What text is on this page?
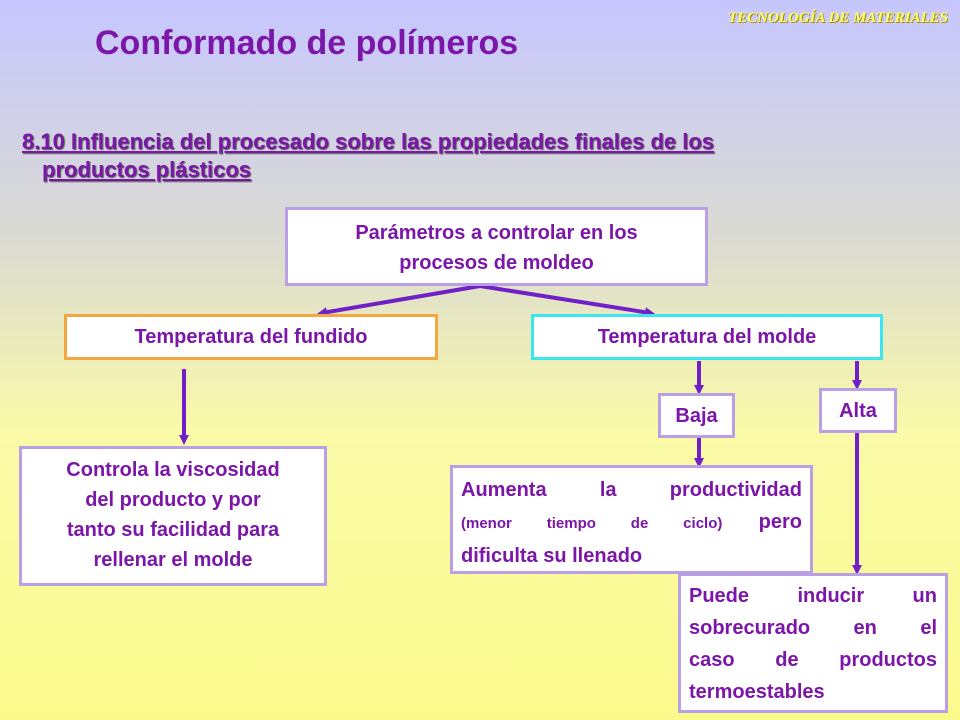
TECNOLOGÍA DE MATERIALES
Conformado de polímeros
8.10 Influencia del procesado sobre las propiedades finales de los
productos plásticos
Parámetros a controlar en los
procesos de moldeo
Temperatura del fundido	Temperatura del molde
Controla la viscosidad
del producto y por
tanto su facilidad para
rellenar el molde
Baja	Alta
Aumenta la productividad
(menor tiempo de ciclo) pero
dificulta su llenado
Puede inducir un
sobrecurado en el
caso de productos
termoestables
